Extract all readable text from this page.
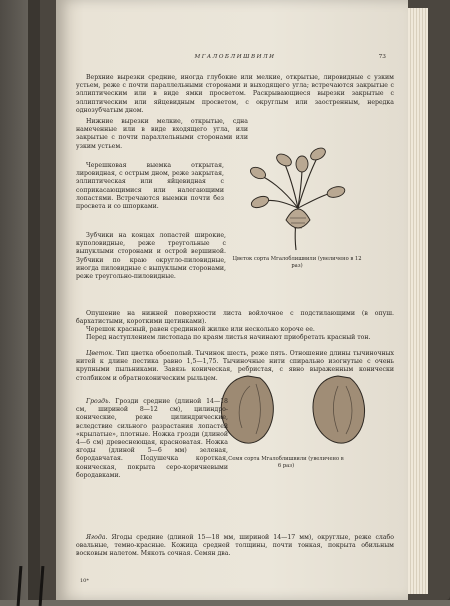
МГАЛОБЛИШВИЛИ	73

Верхние вырезки средние, иногда глубокие или мелкие, открытые, лировидные с узким устьем, реже с почти параллельными сторонами и выходящего угла; встречаются закрытые с эллиптическим или в виде ямки просветом. Раскрывающиеся вырезки закрытые с эллиптическим или яйцевидным просветом, с округлым или заостренным, нередка однозубчатым дном.

Нижние вырезки мелкие, открытые, сдна намеченные или в виде входящего угла, или закрытые с почти параллельными сторонами или узким устьем.

Черешковая выемка открытая, лировидная, с острым дном, реже закрытая, эллиптическая или яйцевидная с соприкасающимися или налегающими лопастями. Встречаются выемки почти без просвета и со шпорками.

Зубчики на концах лопастей широкие, куполовидные, реже треугольные с выпуклыми сторонами и острой вершиной. Зубчики по краю округло-пиловидные, иногда пиловидные с выпуклыми сторонами, реже треугольно-пиловидные.

Цветок сорта Мгалоблишвили (увеличено в 12 раз)

Опушение на нижней поверхности листа войлочное с подстилающими (в опуш. бархатистыми, короткими щетинками).

Черешок красный, равен срединной жилке или несколько короче ее.

Перед наступлением листопада по краям листья начинают приобретать красный тон.

Цветок. Тип цветка обоеполый. Тычинок шесть, реже пять. Отношение длины тычиночных нитей к длине пестика равно 1,5—1,75. Тычиночные нити спирально изогнутые с очень крупными пыльниками. Завязь коническая, ребристая, с явно выраженным конически столбиком и обратноконическим рыльцем.

Семя сорта Мгалоблишвили (увеличено в 6 раз)

Гроздь. Грозди средние (длиной 14—18 см, шириной 8—12 см), цилиндро-конические, реже цилиндрические, вследствие сильного разрастания лопастей «крылатые», плотные. Ножка грозди (длиной 4—6 см) древеснеющая, красноватая. Ножка ягоды (длиной 5—6 мм) зеленая, бородавчатая. Подушечка короткая, коническая, покрыта серо-коричневыми бородавками.

Ягода. Ягоды средние (длиной 15—18 мм, шириной 14—17 мм), округлые, реже слабо овальные, темно-красные. Кожица средней толщины, почти тонкая, покрыта обильным восковым налетом. Мякоть сочная. Семян два.

10*
